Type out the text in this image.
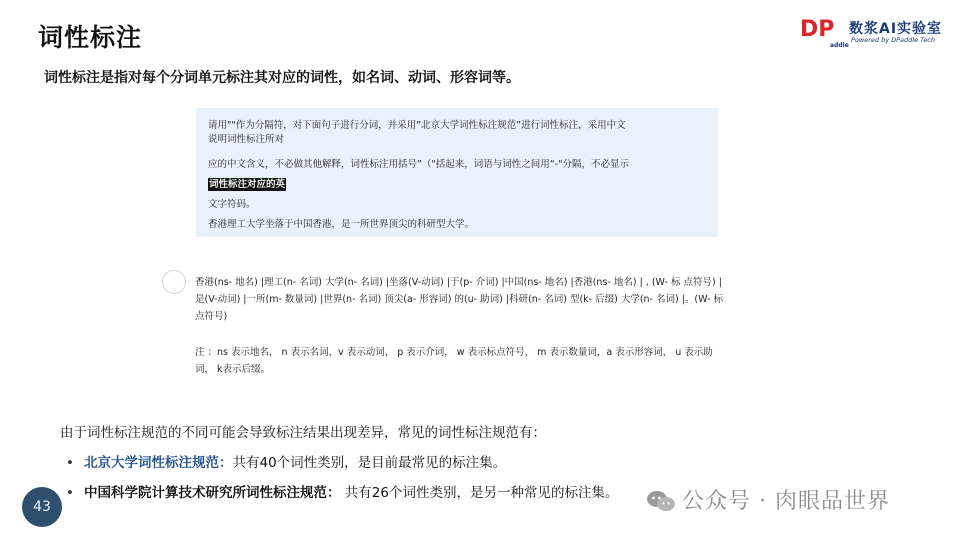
词性标注	DP
addle
数浆AI实验室
Powered by DPaddle Tech
词性标注是指对每个分词单元标注其对应的词性，如名词、动词、形容词等。
请用""作为分隔符，对下面句子进行分词，并采用”北京大学词性标注规范”进行词性标注，采用中文
说明词性标注所对
应的中文含义，不必做其他解释，词性标注用括号”（"括起来，词语与词性之间用“-"分隔，不必显示
词性标注对应的英
文字符码。
香港理工大学坐落于中国香港，是一所世界顶尖的科研型大学。
香港(ns- 地名) |理工(n- 名词) 大学(n- 名词) |坐落(V-动词) |于(p- 介词) |中国(ns- 地名) |香港(ns- 地名) | , (W- 标 点符号) |是(V-动词) |一所(m- 数量词) |世界(n- 名词) 顶尖(a- 形容词) 的(u- 助词) |科研(n- 名词) 型(k- 后缀) 大学(n- 名词) |。(W- 标点符号)
注 ：ns 表示地名， n 表示名词，v 表示动词， p 表示介词， w 表示标点符号， m 表示数量词，a 表示形容词， u 表示助词， k表示后缀。
由于词性标注规范的不同可能会导致标注结果出现差异，常见的词性标注规范有：
• 北京大学词性标注规范：共有40个词性类别，是目前最常见的标注集。
• 中国科学院计算技术研究所词性标注规范： 共有26个词性类别，是另一种常见的标注集。
43	公众号 · 肉眼品世界
